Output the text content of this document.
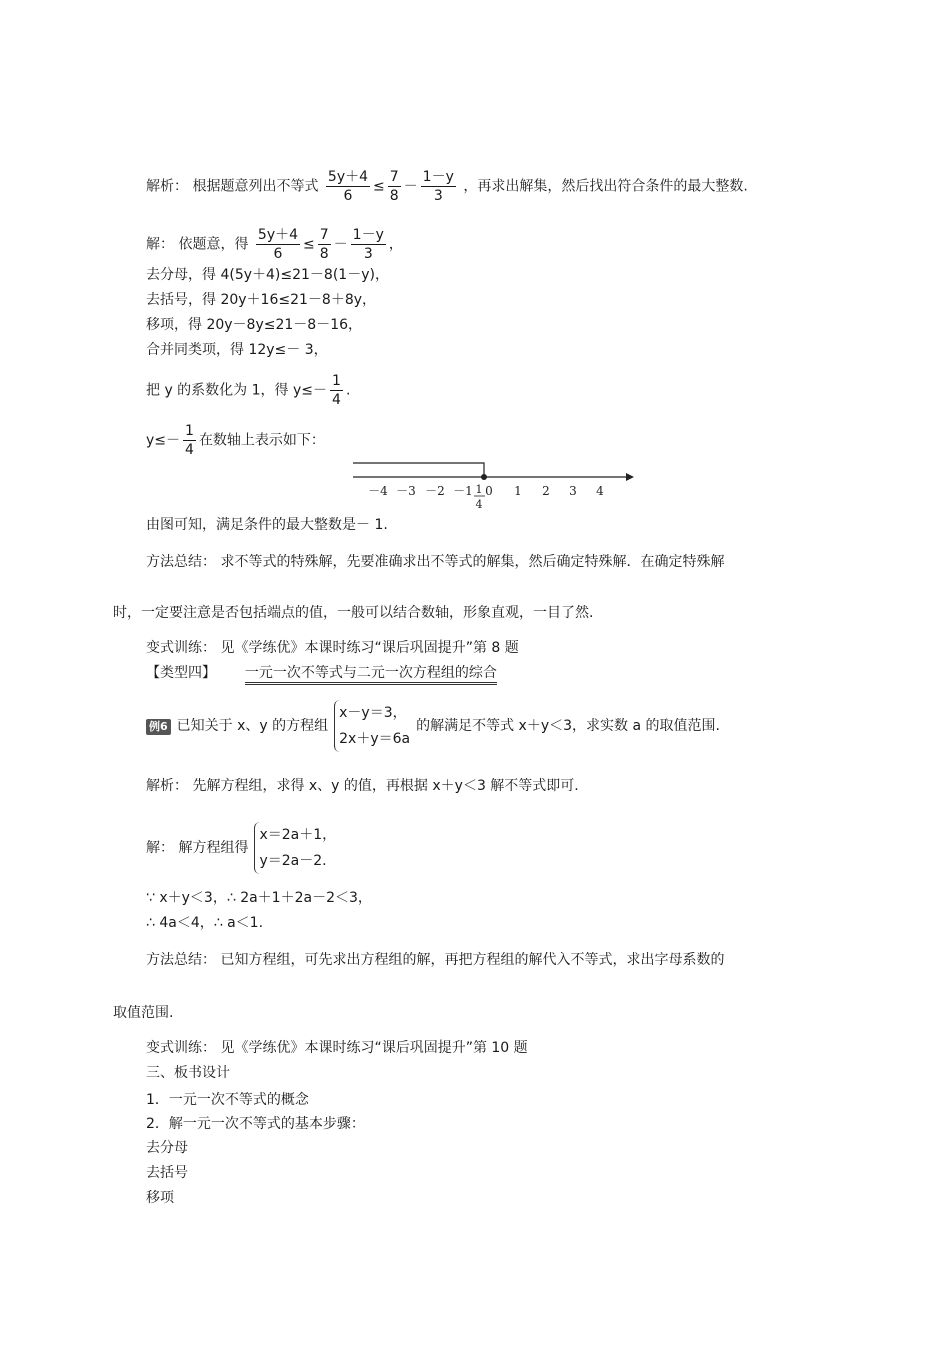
解析： 根据题意列出不等式 $\frac{5y+4}{6} \le \frac{7}{8} - \frac{1-y}{3}$ ，再求出解集，然后找出符合条件的最大整数.
解： 依题意，得 $\frac{5y+4}{6} \le \frac{7}{8} - \frac{1-y}{3}$ ，
去分母，得 4(5y＋4)≤21－8(1－y)，
去括号，得 20y＋16≤21－8＋8y，
移项，得 20y－8y≤21－8－16，
合并同类项，得 12y≤－ 3，
把 y 的系数化为 1，得 $y\le- \frac{1}{4}$ .
$y\le- \frac{1}{4}$ 在数轴上表示如下：
－4 －3 －2 －1 0 1 2 3 4
1
4
由图可知，满足条件的最大整数是－ 1.
方法总结： 求不等式的特殊解，先要准确求出不等式的解集，然后确定特殊解．在确定特殊解
时，一定要注意是否包括端点的值，一般可以结合数轴，形象直观，一目了然.
变式训练： 见《学练优》本课时练习“课后巩固提升”第 8 题
【类型四】 一元一次不等式与二元一次方程组的综合
例6 已知关于 x、y 的方程组
x－y＝3，
2x＋y＝6a
的解满足不等式 x＋y＜3，求实数 a 的取值范围.
解析： 先解方程组，求得 x、y 的值，再根据 x＋y＜3 解不等式即可.
解： 解方程组得
x＝2a＋1，
y＝2a－2.
∵ x＋y＜3，∴ 2a＋1＋2a－2＜3，
∴ 4a＜4，∴ a＜1.
方法总结： 已知方程组，可先求出方程组的解，再把方程组的解代入不等式，求出字母系数的
取值范围.
变式训练： 见《学练优》本课时练习“课后巩固提升”第 10 题
三、板书设计
1．一元一次不等式的概念
2．解一元一次不等式的基本步骤：
去分母
去括号
移项
